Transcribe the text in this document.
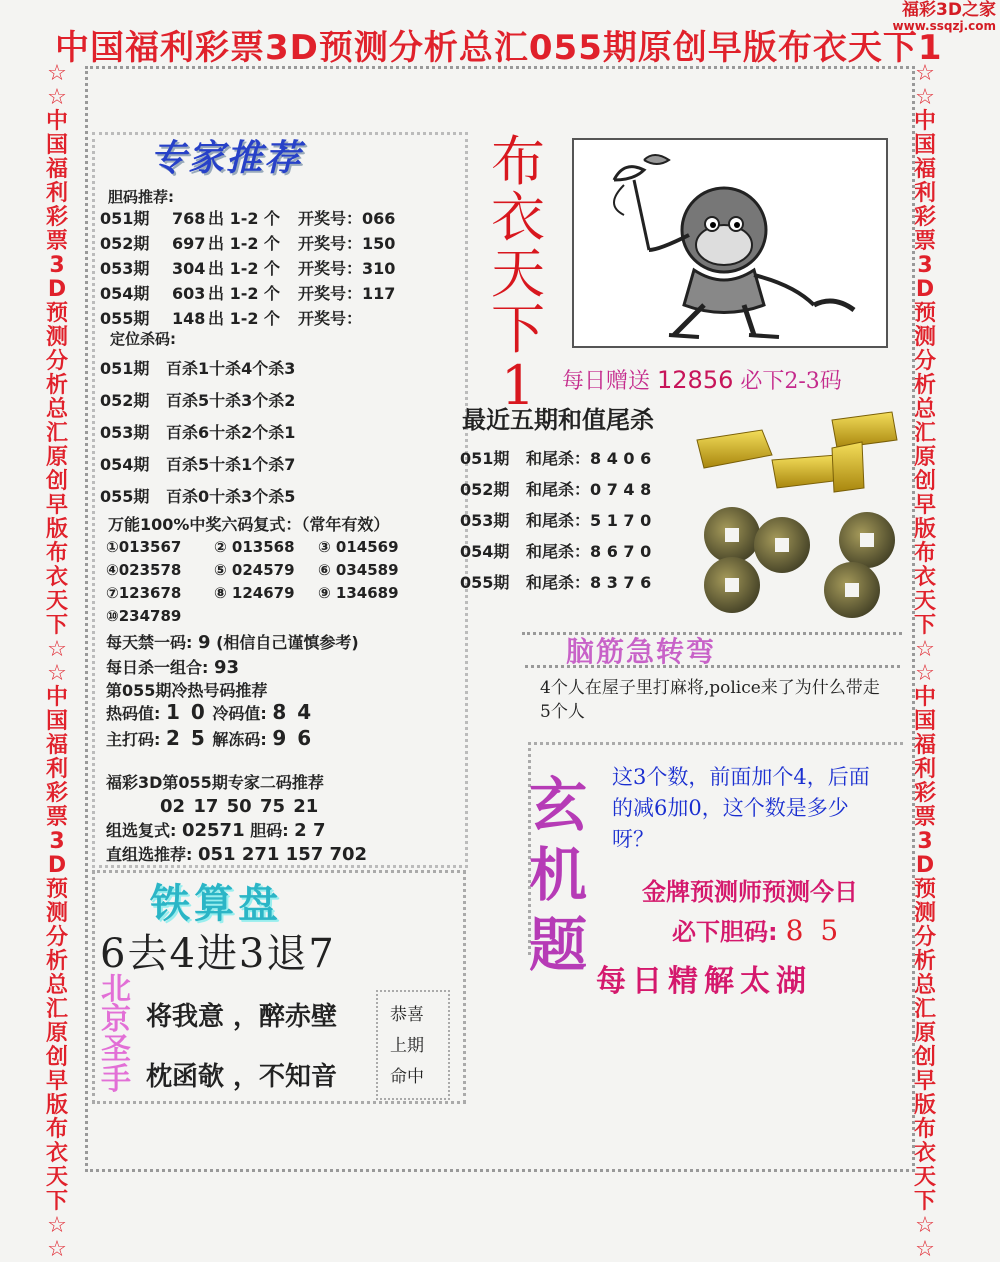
中国福利彩票3D预测分析总汇055期原创早版布衣天下1
福彩3D之家
www.ssqzj.com
☆☆中国福利彩票3D预测分析总汇原创早版布衣天下☆☆中国福利彩票3D预测分析总汇原创早版布衣天下☆☆
☆☆中国福利彩票3D预测分析总汇原创早版布衣天下☆☆中国福利彩票3D预测分析总汇原创早版布衣天下☆☆
专家推荐
胆码推荐:
051期 768 出 1-2 个 开奖号：066
052期 697 出 1-2 个 开奖号：150
053期 304 出 1-2 个 开奖号：310
054期 603 出 1-2 个 开奖号：117
055期 148 出 1-2 个 开奖号：
定位杀码:
051期 百杀1十杀4个杀3
052期 百杀5十杀3个杀2
053期 百杀6十杀2个杀1
054期 百杀5十杀1个杀7
055期 百杀0十杀3个杀5
万能100%中奖六码复式：（常年有效）
①013567 ② 013568 ③ 014569
④023578 ⑤ 024579 ⑥ 034589
⑦123678 ⑧ 124679 ⑨ 134689
⑩234789
每天禁一码: 9 (相信自己谨慎参考)
每日杀一组合: 93
第055期冷热号码推荐
热码值: 1 0 冷码值: 8 4
主打码: 2 5 解冻码: 9 6
福彩3D第055期专家二码推荐
02 17 50 75 21
组选复式: 02571 胆码: 2 7
直组选推荐: 051 271 157 702
铁算盘
6去4进3退7
北京圣手
将我意 ，醉赤壁
枕函欹 ，不知音
恭喜
上期
命中
布衣天下1	每日赠送 12856 必下2-3码
最近五期和值尾杀
051期 和尾杀：8 4 0 6
052期 和尾杀：0 7 4 8
053期 和尾杀：5 1 7 0
054期 和尾杀：8 6 7 0
055期 和尾杀：8 3 7 6
脑筋急转弯
4个人在屋子里打麻将,police来了为什么带走5个人
玄机题
这3个数，前面加个4，后面的减6加0，这个数是多少呀？
金牌预测师预测今日
必下胆码: 8 5
每日精解太湖
